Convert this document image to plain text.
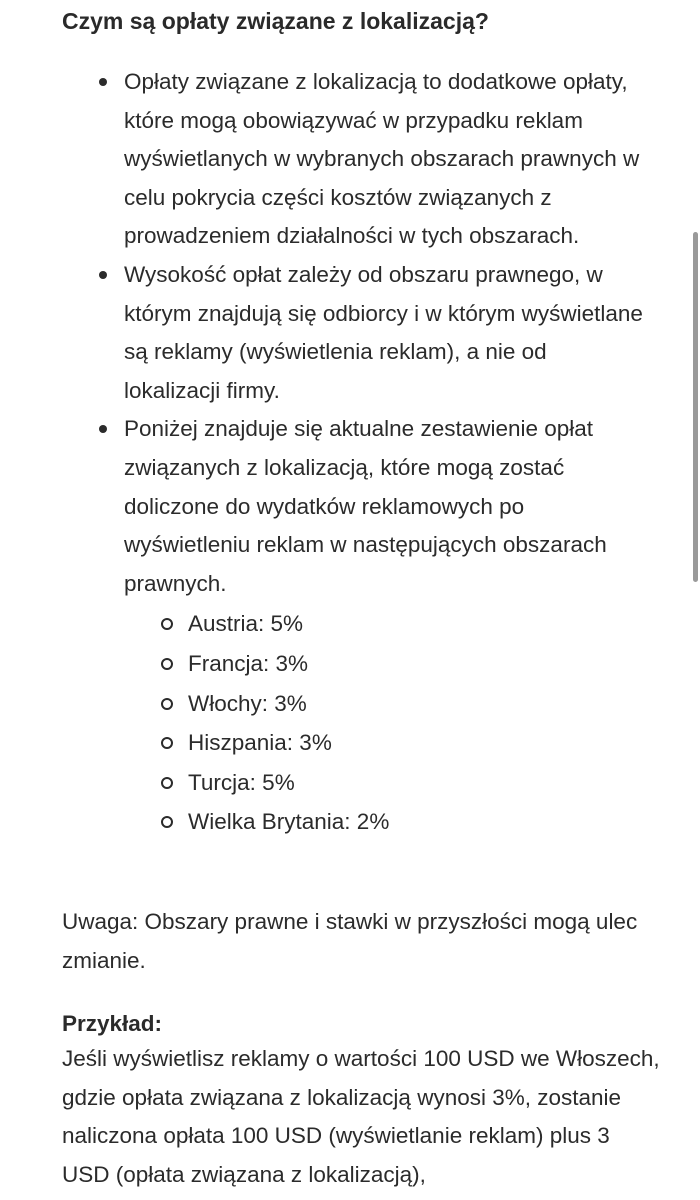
Czym są opłaty związane z lokalizacją?
Opłaty związane z lokalizacją to dodatkowe opłaty, które mogą obowiązywać w przypadku reklam wyświetlanych w wybranych obszarach prawnych w celu pokrycia części kosztów związanych z prowadzeniem działalności w tych obszarach.
Wysokość opłat zależy od obszaru prawnego, w którym znajdują się odbiorcy i w którym wyświetlane są reklamy (wyświetlenia reklam), a nie od lokalizacji firmy.
Poniżej znajduje się aktualne zestawienie opłat związanych z lokalizacją, które mogą zostać doliczone do wydatków reklamowych po wyświetleniu reklam w następujących obszarach prawnych.
Austria: 5%
Francja: 3%
Włochy: 3%
Hiszpania: 3%
Turcja: 5%
Wielka Brytania: 2%
Uwaga: Obszary prawne i stawki w przyszłości mogą ulec zmianie.
Przykład:
Jeśli wyświetlisz reklamy o wartości 100 USD we Włoszech, gdzie opłata związana z lokalizacją wynosi 3%, zostanie naliczona opłata 100 USD (wyświetlanie reklam) plus 3 USD (opłata związana z lokalizacją),
